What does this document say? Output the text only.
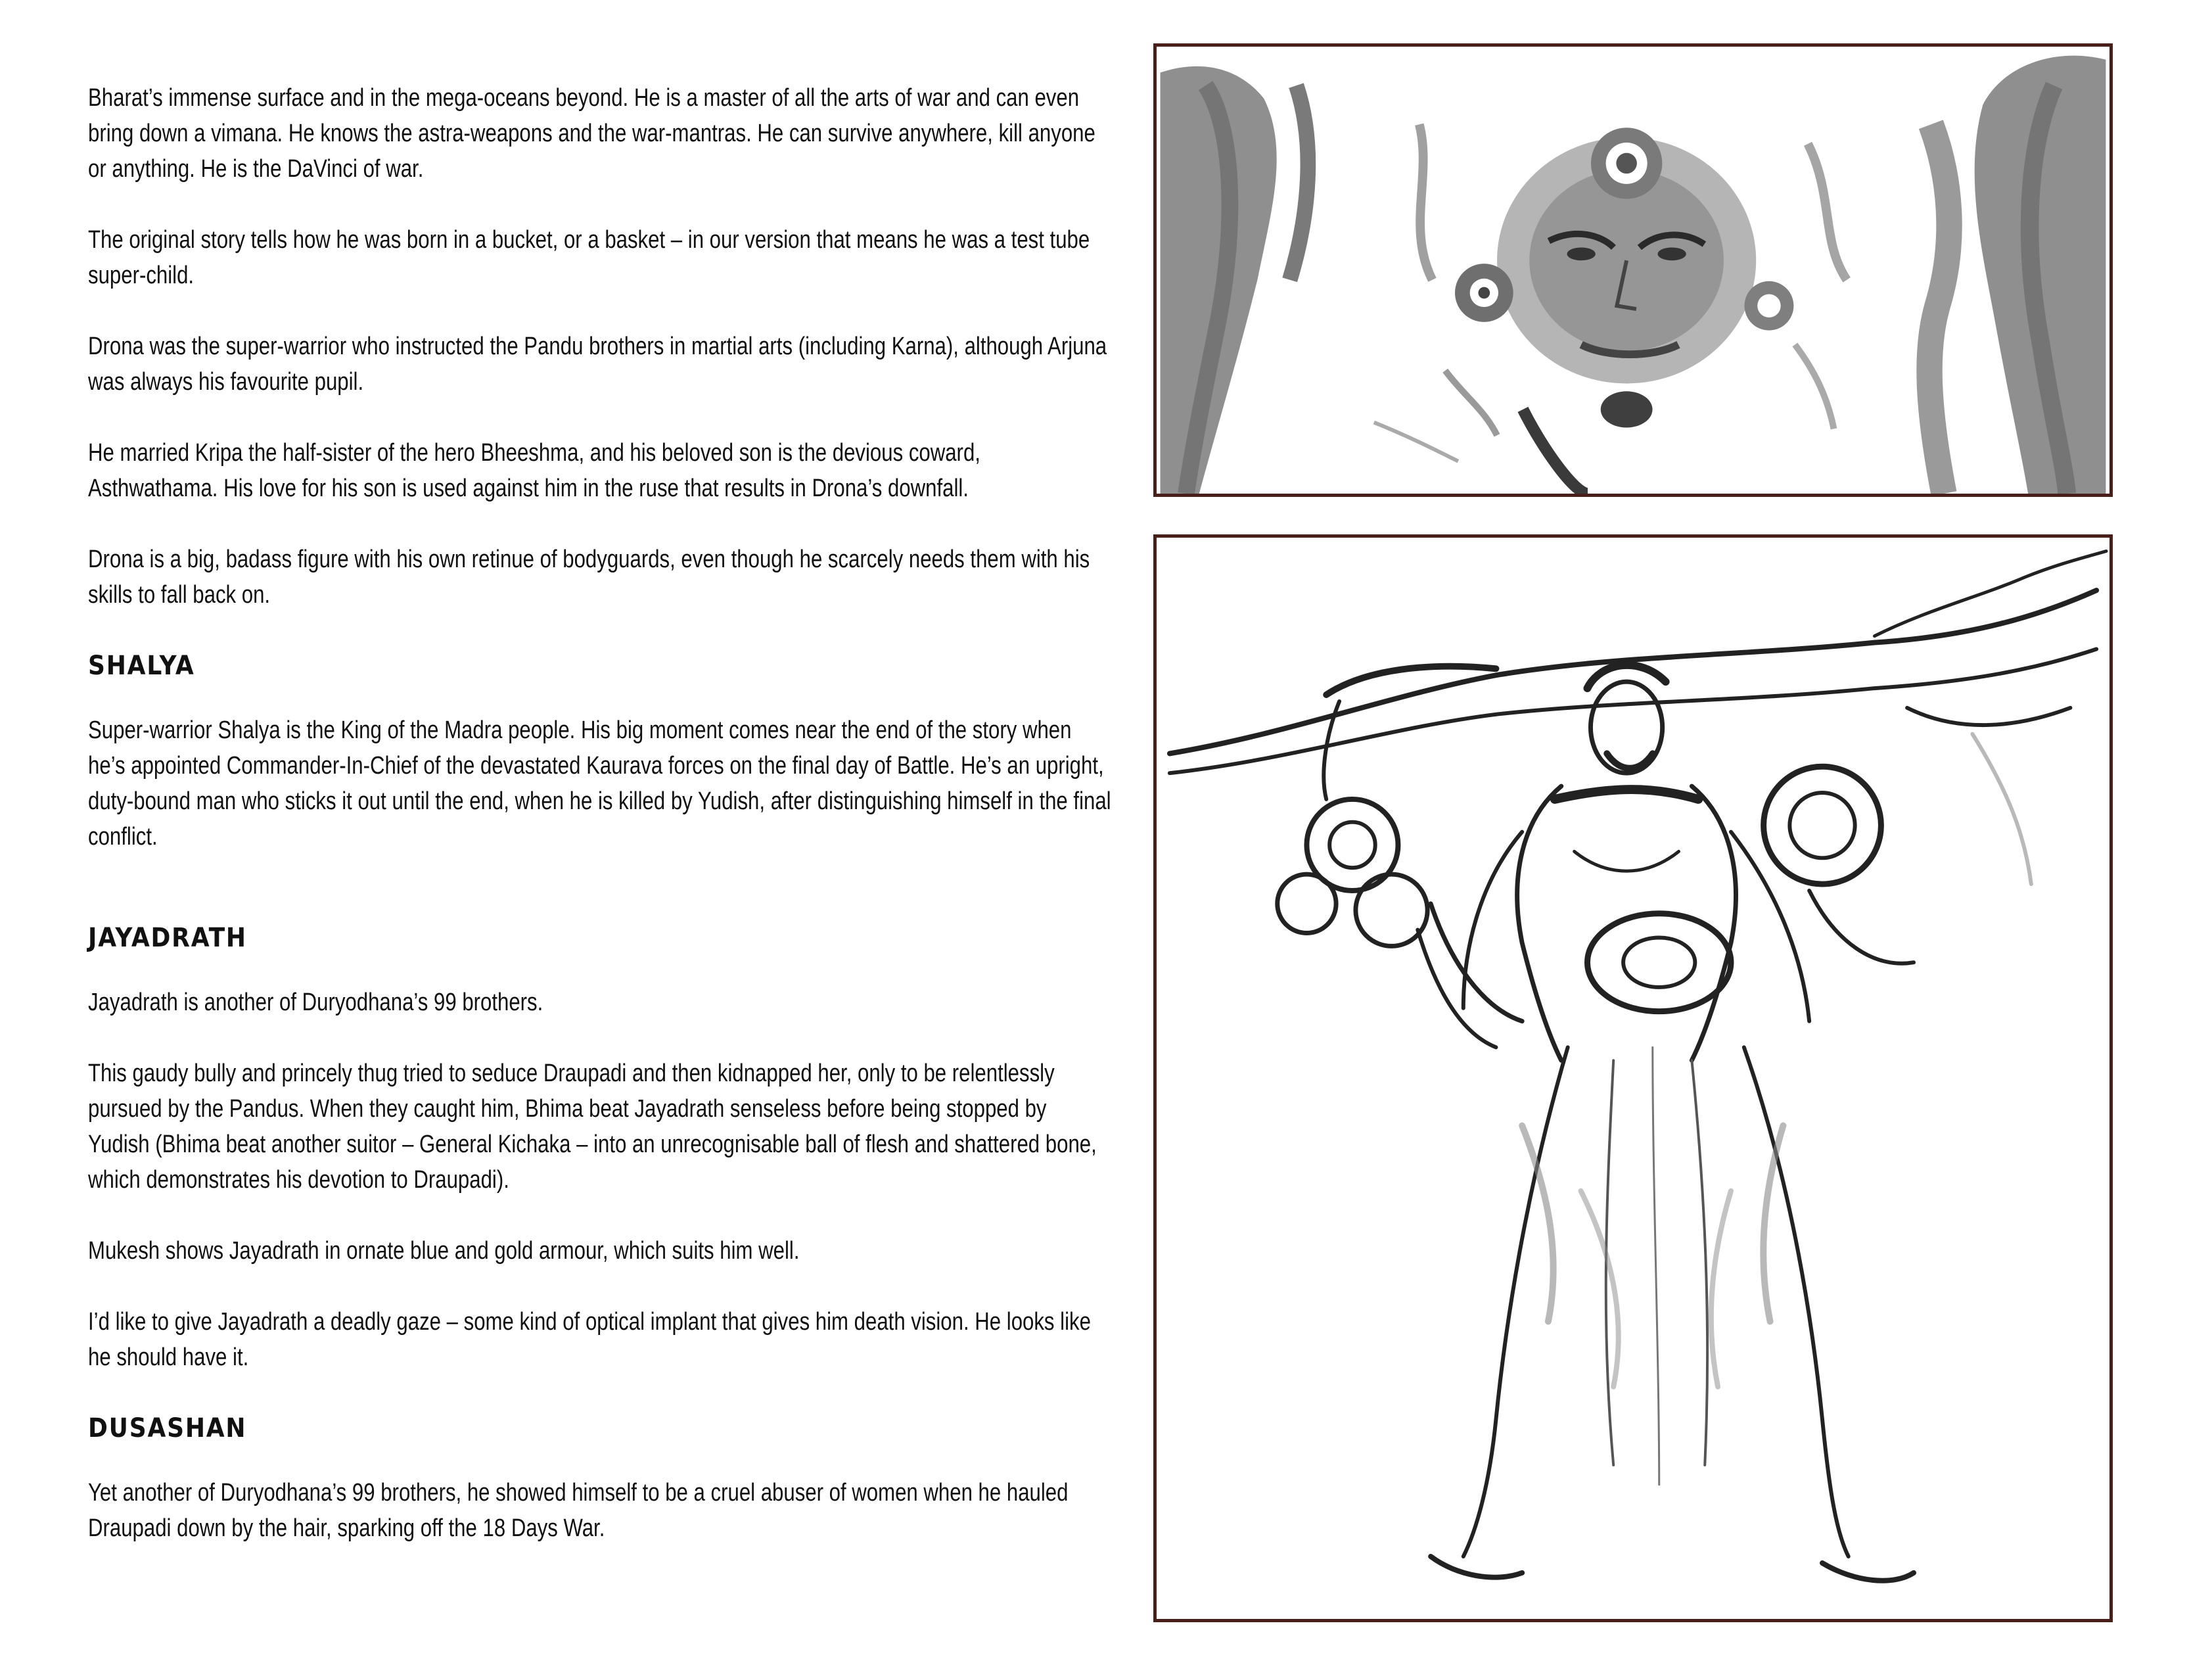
Bharat’s immense surface and in the mega-oceans beyond. He is a master of all the arts of war and can even bring down a vimana. He knows the astra-weapons and the war-mantras. He can survive anywhere, kill anyone or anything. He is the DaVinci of war.

The original story tells how he was born in a bucket, or a basket – in our version that means he was a test tube super-child.

Drona was the super-warrior who instructed the Pandu brothers in martial arts (including Karna), although Arjuna was always his favourite pupil.

He married Kripa the half-sister of the hero Bheeshma, and his beloved son is the devious coward, Asthwathama. His love for his son is used against him in the ruse that results in Drona’s downfall.

Drona is a big, badass figure with his own retinue of bodyguards, even though he scarcely needs them with his skills to fall back on.

SHALYA

Super-warrior Shalya is the King of the Madra people. His big moment comes near the end of the story when he’s appointed Commander-In-Chief of the devastated Kaurava forces on the final day of Battle. He’s an upright, duty-bound man who sticks it out until the end, when he is killed by Yudish, after distinguishing himself in the final conflict.

JAYADRATH

Jayadrath is another of Duryodhana’s 99 brothers.

This gaudy bully and princely thug tried to seduce Draupadi and then kidnapped her, only to be relentlessly pursued by the Pandus. When they caught him, Bhima beat Jayadrath senseless before being stopped by Yudish (Bhima beat another suitor – General Kichaka – into an unrecognisable ball of flesh and shattered bone, which demonstrates his devotion to Draupadi).

Mukesh shows Jayadrath in ornate blue and gold armour, which suits him well.

I’d like to give Jayadrath a deadly gaze – some kind of optical implant that gives him death vision. He looks like he should have it.

DUSASHAN

Yet another of Duryodhana’s 99 brothers, he showed himself to be a cruel abuser of women when he hauled Draupadi down by the hair, sparking off the 18 Days War.
